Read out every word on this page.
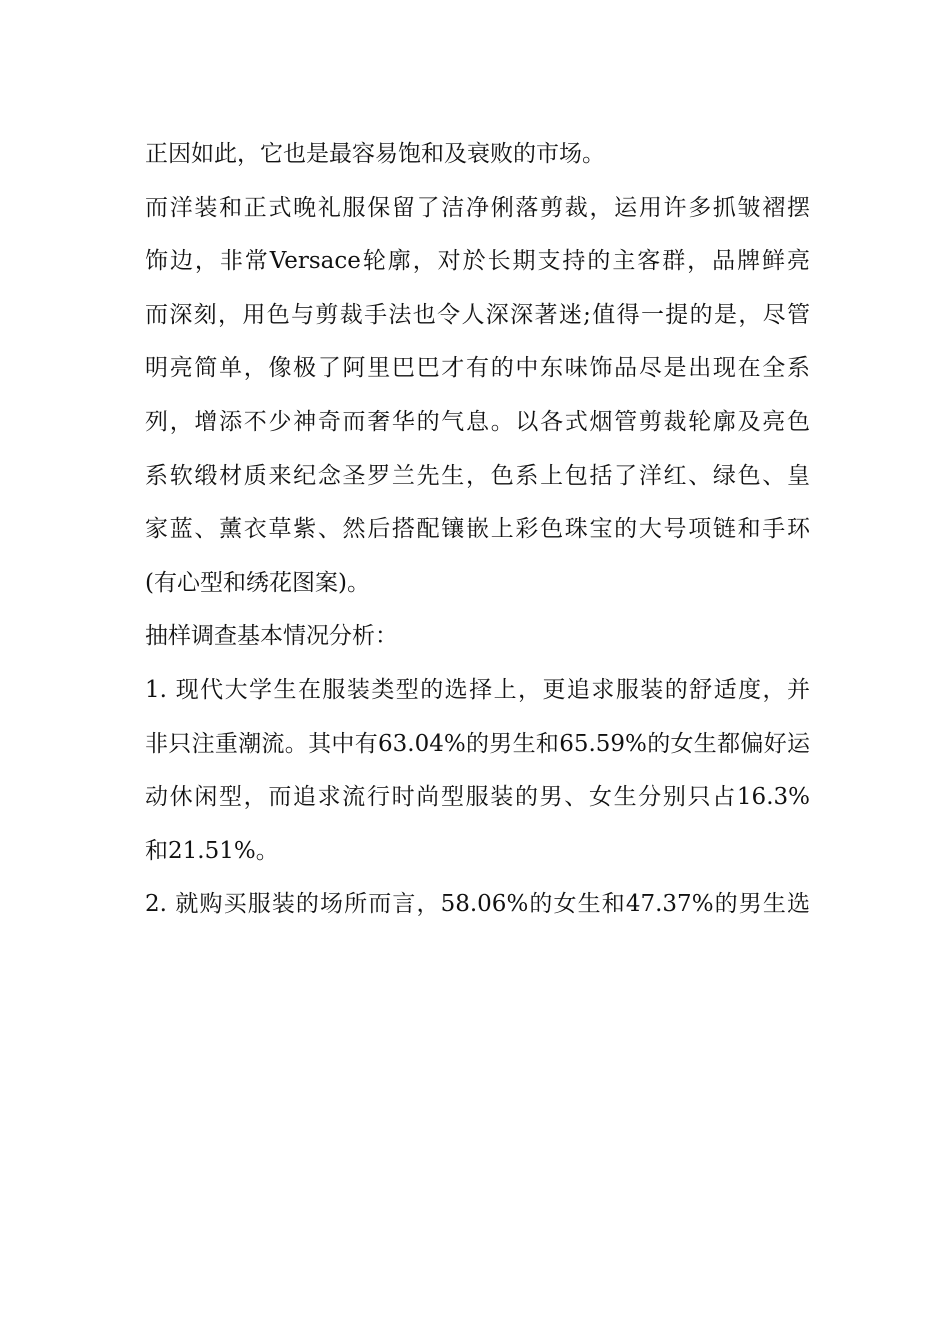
正因如此，它也是最容易饱和及衰败的市场。
而洋装和正式晚礼服保留了洁净俐落剪裁，运用许多抓皱褶摆
饰边，非常Versace轮廓，对於长期支持的主客群，品牌鲜亮
而深刻，用色与剪裁手法也令人深深著迷;值得一提的是，尽管
明亮简单，像极了阿里巴巴才有的中东味饰品尽是出现在全系
列，增添不少神奇而奢华的气息。以各式烟管剪裁轮廓及亮色
系软缎材质来纪念圣罗兰先生，色系上包括了洋红、绿色、皇
家蓝、薰衣草紫、然后搭配镶嵌上彩色珠宝的大号项链和手环
(有心型和绣花图案)。
抽样调查基本情况分析：
1. 现代大学生在服装类型的选择上，更追求服装的舒适度，并
非只注重潮流。其中有63.04%的男生和65.59%的女生都偏好运
动休闲型，而追求流行时尚型服装的男、女生分别只占16.3%
和21.51%。
2. 就购买服装的场所而言，58.06%的女生和47.37%的男生选
